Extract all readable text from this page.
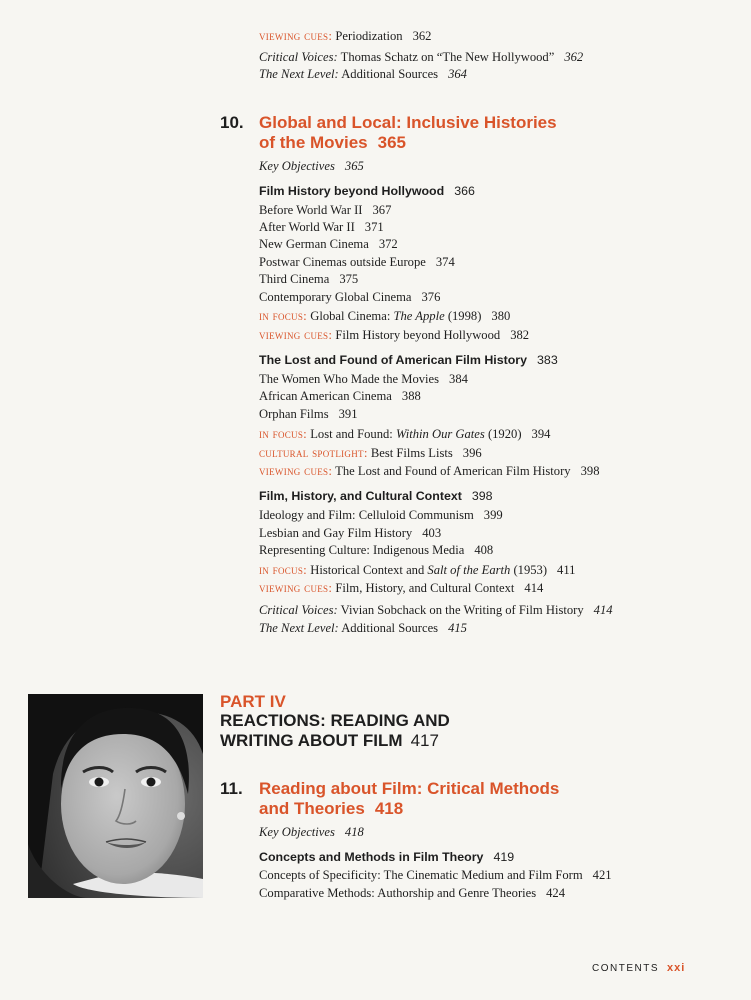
viewing cues: Periodization 362
Critical Voices: Thomas Schatz on “The New Hollywood” 362
The Next Level: Additional Sources 364
10. Global and Local: Inclusive Histories
of the Movies 365
Key Objectives 365
Film History beyond Hollywood 366
Before World War II 367
After World War II 371
New German Cinema 372
Postwar Cinemas outside Europe 374
Third Cinema 375
Contemporary Global Cinema 376
in focus: Global Cinema: The Apple (1998) 380
viewing cues: Film History beyond Hollywood 382
The Lost and Found of American Film History 383
The Women Who Made the Movies 384
African American Cinema 388
Orphan Films 391
in focus: Lost and Found: Within Our Gates (1920) 394
cultural spotlight: Best Films Lists 396
viewing cues: The Lost and Found of American Film History 398
Film, History, and Cultural Context 398
Ideology and Film: Celluloid Communism 399
Lesbian and Gay Film History 403
Representing Culture: Indigenous Media 408
in focus: Historical Context and Salt of the Earth (1953) 411
viewing cues: Film, History, and Cultural Context 414
Critical Voices: Vivian Sobchack on the Writing of Film History 414
The Next Level: Additional Sources 415
PART IV
REACTIONS: READING AND
WRITING ABOUT FILM 417
11. Reading about Film: Critical Methods
and Theories 418
Key Objectives 418
Concepts and Methods in Film Theory 419
Concepts of Specificity: The Cinematic Medium and Film Form 421
Comparative Methods: Authorship and Genre Theories 424
CONTENTS xxi
